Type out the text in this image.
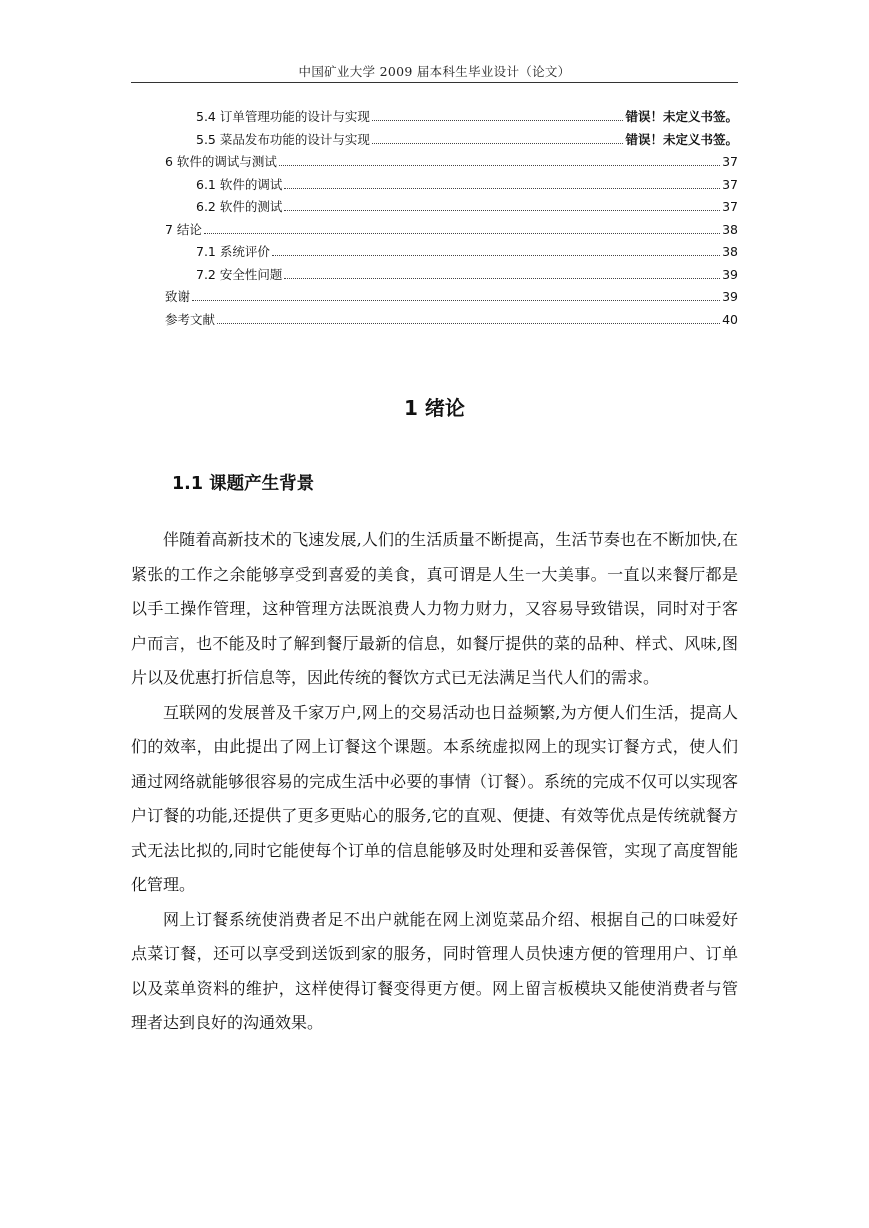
中国矿业大学 2009 届本科生毕业设计（论文）
5.4 订单管理功能的设计与实现	错误！未定义书签。
5.5 菜品发布功能的设计与实现	错误！未定义书签。
6 软件的调试与测试	37
6.1 软件的调试	37
6.2 软件的测试	37
7 结论	38
7.1 系统评价	38
7.2 安全性问题	39
致谢	39
参考文献	40
1 绪论
1.1 课题产生背景

伴随着高新技术的飞速发展,人们的生活质量不断提高，生活节奏也在不断加快,在紧张的工作之余能够享受到喜爱的美食，真可谓是人生一大美事。一直以来餐厅都是以手工操作管理，这种管理方法既浪费人力物力财力，又容易导致错误，同时对于客户而言，也不能及时了解到餐厅最新的信息，如餐厅提供的菜的品种、样式、风味,图片以及优惠打折信息等，因此传统的餐饮方式已无法满足当代人们的需求。

互联网的发展普及千家万户,网上的交易活动也日益频繁,为方便人们生活，提高人们的效率，由此提出了网上订餐这个课题。本系统虚拟网上的现实订餐方式，使人们通过网络就能够很容易的完成生活中必要的事情（订餐）。系统的完成不仅可以实现客户订餐的功能,还提供了更多更贴心的服务,它的直观、便捷、有效等优点是传统就餐方式无法比拟的,同时它能使每个订单的信息能够及时处理和妥善保管，实现了高度智能化管理。

网上订餐系统使消费者足不出户就能在网上浏览菜品介绍、根据自己的口味爱好点菜订餐，还可以享受到送饭到家的服务，同时管理人员快速方便的管理用户、订单以及菜单资料的维护，这样使得订餐变得更方便。网上留言板模块又能使消费者与管理者达到良好的沟通效果。
